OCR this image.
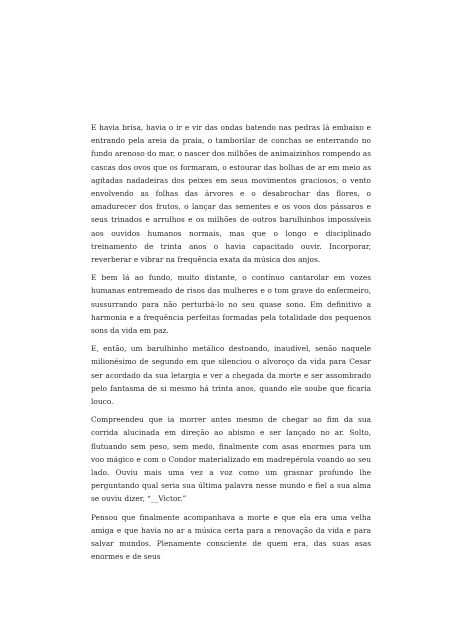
E havia brisa, havia o ir e vir das ondas batendo nas pedras lá embaixo e entrando pela areia da praia, o tamborilar de conchas se enterrando no fundo arenoso do mar, o nascer dos milhões de animaizinhos rompendo as cascas dos ovos que os formaram, o estourar das bolhas de ar em meio as agitadas nadadeiras dos peixes em seus movimentos graciosos, o vento envolvendo as folhas das árvores e o desabrochar das flores, o amadurecer dos frutos, o lançar das sementes e os voos dos pássaros e seus trinados e arrulhos e os milhões de outros barulhinhos impossíveis aos ouvidos humanos normais, mas que o longo e disciplinado treinamento de trinta anos o havia capacitado ouvir. Incorporar, reverberar e vibrar na frequência exata da música dos anjos.

E bem lá ao fundo, muito distante, o contínuo cantarolar em vozes humanas entremeado de risos das mulheres e o tom grave do enfermeiro, sussurrando para não perturbá-lo no seu quase sono. Em definitivo a harmonia e a frequência perfeitas formadas pela totalidade dos pequenos sons da vida em paz.

E, então, um barulhinho metálico destoando, inaudível, senão naquele milionésimo de segundo em que silenciou o alvoroço da vida para Cesar ser acordado da sua letargia e ver a chegada da morte e ser assombrado pelo fantasma de si mesmo há trinta anos, quando ele soube que ficaria louco.

Compreendeu que ia morrer antes mesmo de chegar ao fim da sua corrida alucinada em direção ao abismo e ser lançado no ar. Solto, flutuando sem peso, sem medo, finalmente com asas enormes para um voo mágico e com o Condor materializado em madrepérola voando ao seu lado. Ouviu mais uma vez a voz como um grasnar profundo lhe perguntando qual seria sua última palavra nesse mundo e fiel a sua alma se ouviu dizer, “__Victor.”

Pensou que finalmente acompanhava a morte e que ela era uma velha amiga e que havia no ar a música certa para a renovação da vida e para salvar mundos. Plenamente consciente de quem era, das suas asas enormes e de seus
